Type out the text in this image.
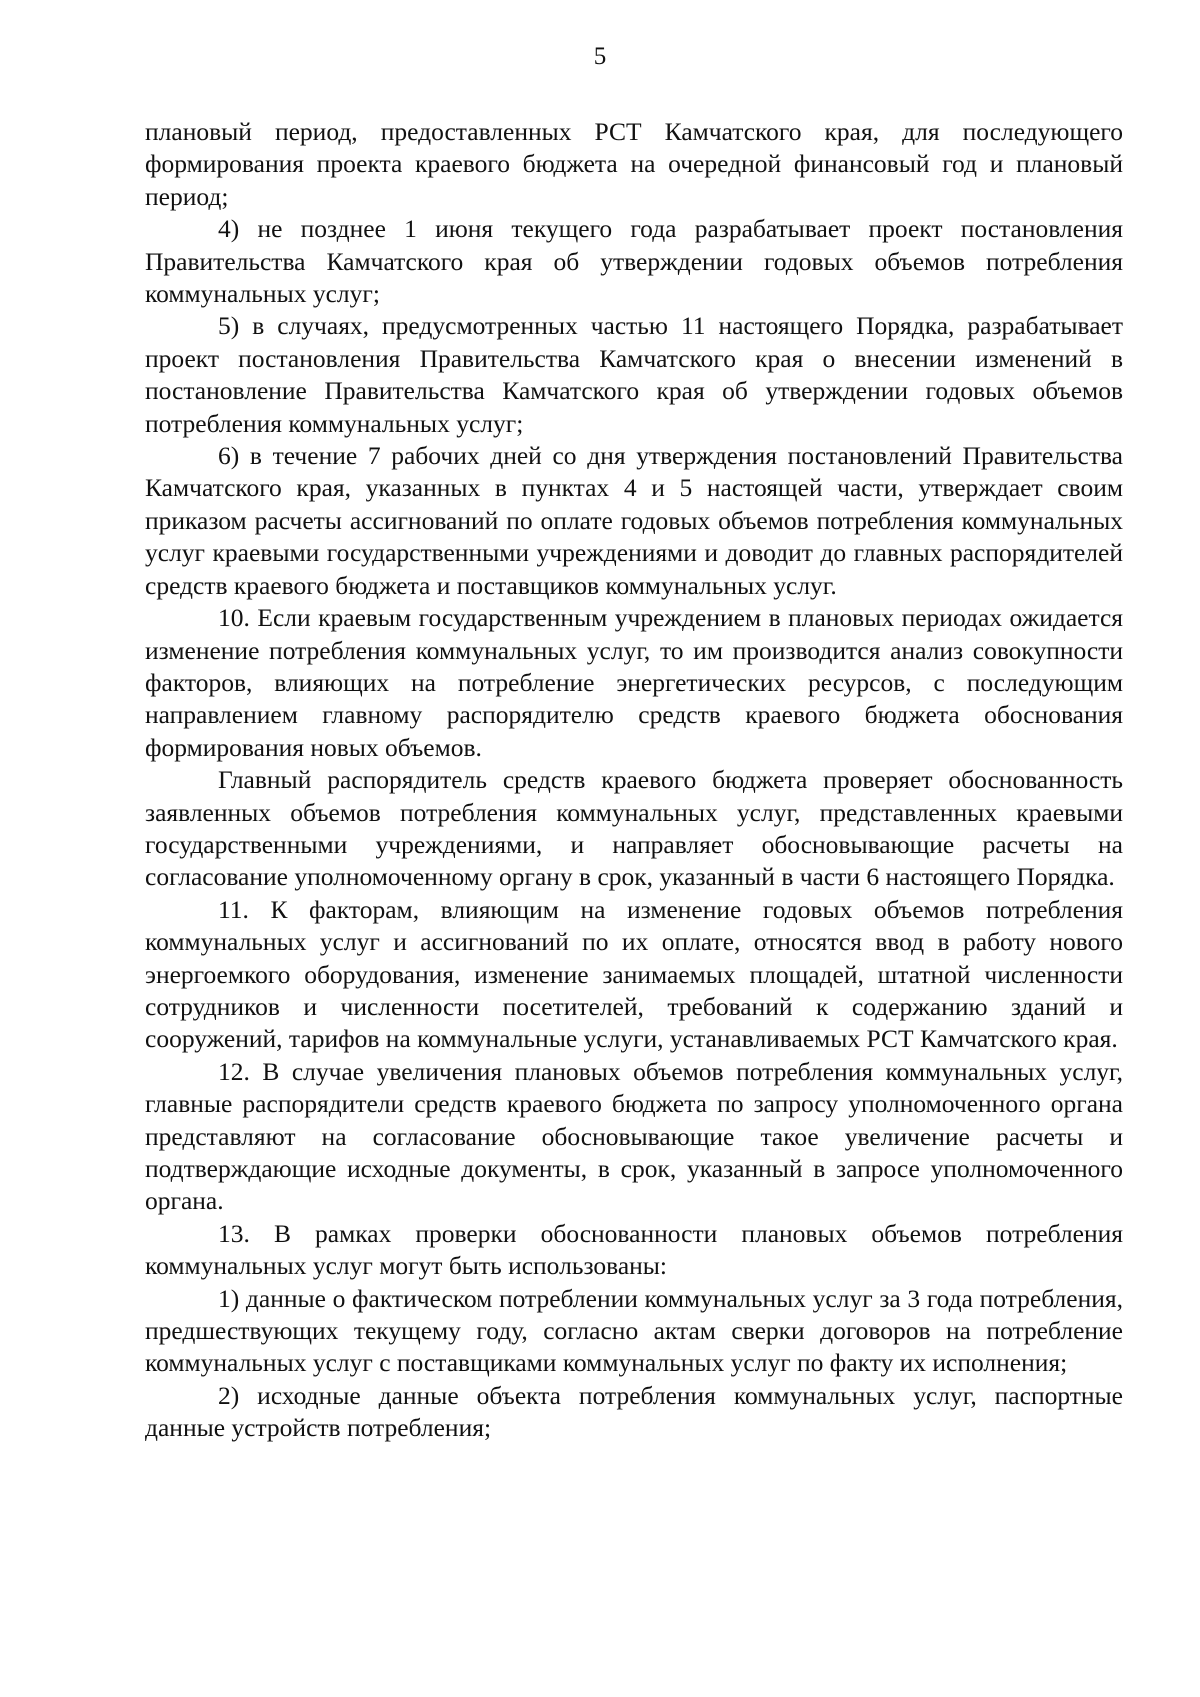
5

плановый период, предоставленных РСТ Камчатского края, для последующего формирования проекта краевого бюджета на очередной финансовый год и плановый период;

4) не позднее 1 июня текущего года разрабатывает проект постановления Правительства Камчатского края об утверждении годовых объемов потребления коммунальных услуг;

5) в случаях, предусмотренных частью 11 настоящего Порядка, разрабатывает проект постановления Правительства Камчатского края о внесении изменений в постановление Правительства Камчатского края об утверждении годовых объемов потребления коммунальных услуг;

6) в течение 7 рабочих дней со дня утверждения постановлений Правительства Камчатского края, указанных в пунктах 4 и 5 настоящей части, утверждает своим приказом расчеты ассигнований по оплате годовых объемов потребления коммунальных услуг краевыми государственными учреждениями и доводит до главных распорядителей средств краевого бюджета и поставщиков коммунальных услуг.

10. Если краевым государственным учреждением в плановых периодах ожидается изменение потребления коммунальных услуг, то им производится анализ совокупности факторов, влияющих на потребление энергетических ресурсов, с последующим направлением главному распорядителю средств краевого бюджета обоснования формирования новых объемов.

Главный распорядитель средств краевого бюджета проверяет обоснованность заявленных объемов потребления коммунальных услуг, представленных краевыми государственными учреждениями, и направляет обосновывающие расчеты на согласование уполномоченному органу в срок, указанный в части 6 настоящего Порядка.

11. К факторам, влияющим на изменение годовых объемов потребления коммунальных услуг и ассигнований по их оплате, относятся ввод в работу нового энергоемкого оборудования, изменение занимаемых площадей, штатной численности сотрудников и численности посетителей, требований к содержанию зданий и сооружений, тарифов на коммунальные услуги, устанавливаемых РСТ Камчатского края.

12. В случае увеличения плановых объемов потребления коммунальных услуг, главные распорядители средств краевого бюджета по запросу уполномоченного органа представляют на согласование обосновывающие такое увеличение расчеты и подтверждающие исходные документы, в срок, указанный в запросе уполномоченного органа.

13. В рамках проверки обоснованности плановых объемов потребления коммунальных услуг могут быть использованы:

1) данные о фактическом потреблении коммунальных услуг за 3 года потребления, предшествующих текущему году, согласно актам сверки договоров на потребление коммунальных услуг с поставщиками коммунальных услуг по факту их исполнения;

2) исходные данные объекта потребления коммунальных услуг, паспортные данные устройств потребления;
